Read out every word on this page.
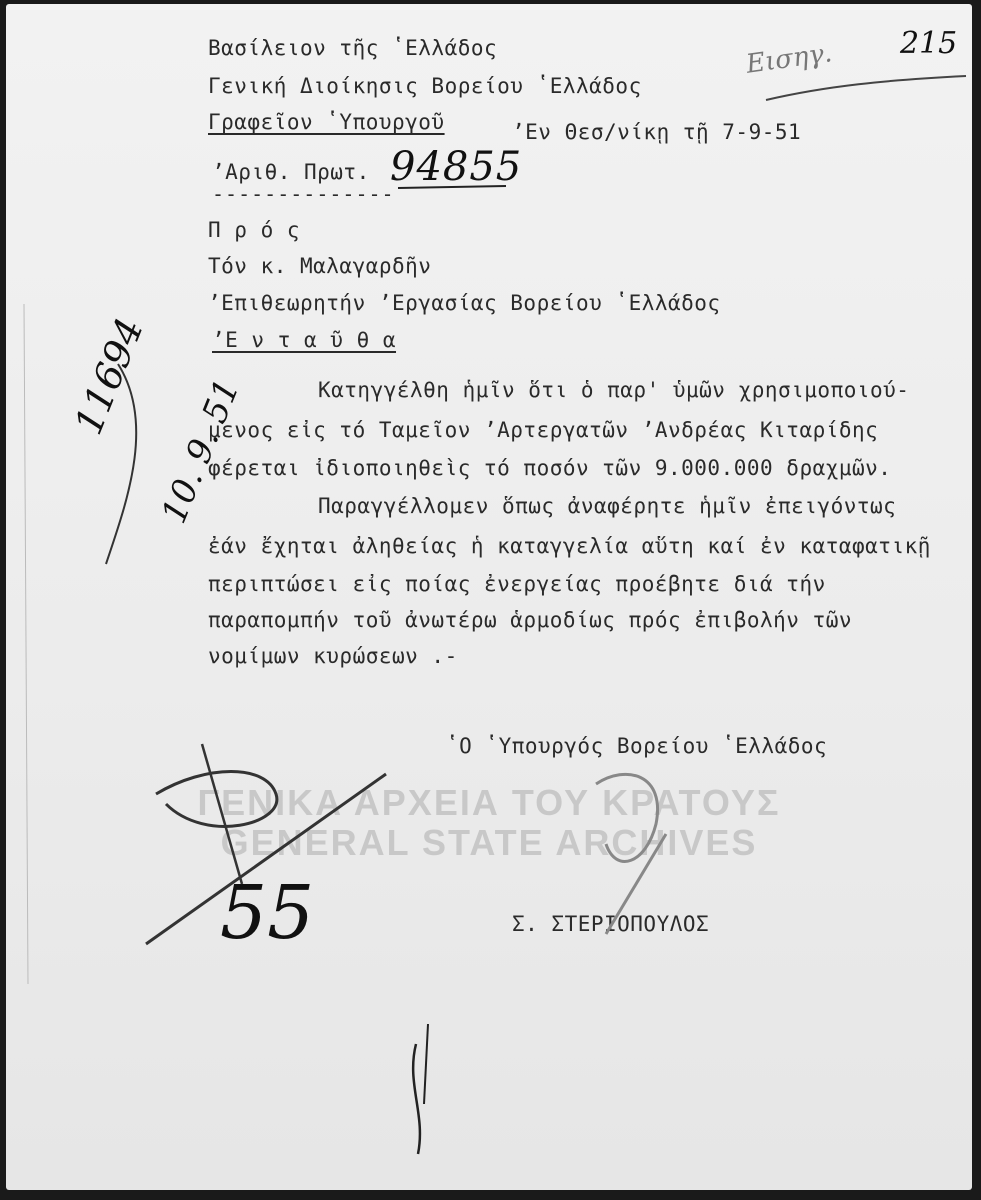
ΓΕΝΙΚΑ ΑΡΧΕΙΑ ΤΟΥ ΚΡΑΤΟΥΣ
GENERAL STATE ARCHIVES
Βασίλειον τῆς ʽΕλλάδος
Γενική Διοίκησις Βορείου ʽΕλλάδος
Γραφεῖον ʽΥπουργοῦ	ʼΕν Θεσ/νίκῃ τῇ 7-9-51
ʼΑριθ. Πρωτ.
--------------
94855
Π ρ ό ς
Τόν κ. Μαλαγαρδῆν
ʼΕπιθεωρητήν ʼΕργασίας Βορείου ʽΕλλάδος
ʼΕ ν τ α ῦ θ α
Κατηγγέλθη ἡμῖν ὅτι ὁ παρ' ὑμῶν χρησιμοποιού-
μενος εἰς τό Ταμεῖον ʼΑρτεργατῶν ʼΑνδρέας Κιταρίδης
φέρεται ἰδιοποιηθεὶς τό ποσόν τῶν 9.000.000 δραχμῶν.
Παραγγέλλομεν ὅπως ἀναφέρητε ἡμῖν ἐπειγόντως
ἐάν ἔχηται ἀληθείας ἡ καταγγελία αὕτη καί ἐν καταφατικῇ
περιπτώσει εἰς ποίας ἐνεργείας προέβητε διά τήν
παραπομπήν τοῦ ἀνωτέρω ἁρμοδίως πρός ἐπιβολήν τῶν
νομίμων κυρώσεων .-
ʽΟ ʽΥπουργός Βορείου ʽΕλλάδος
Σ. ΣΤΕΡΙΟΠΟΥΛΟΣ
Εισηγ. 215
11694 10. 9. 51
55
